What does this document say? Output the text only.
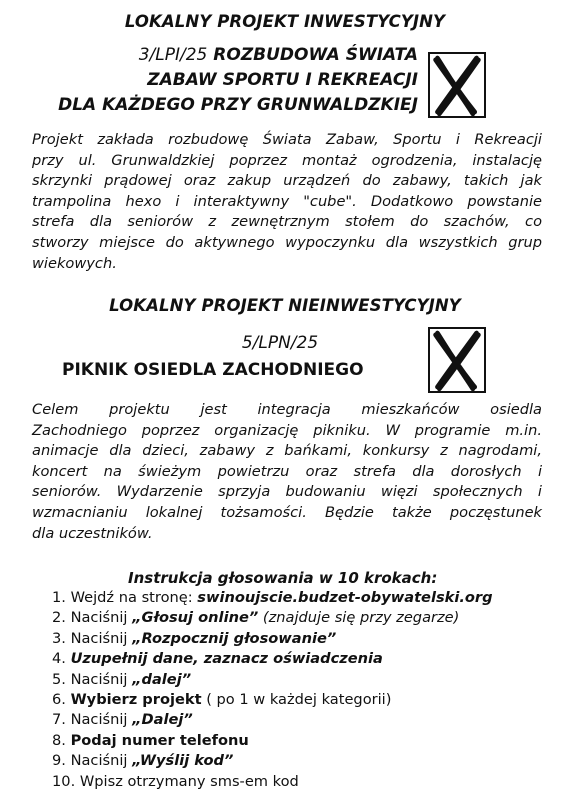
LOKALNY PROJEKT INWESTYCYJNY
3/LPI/25 ROZBUDOWA ŚWIATA
ZABAW SPORTU I REKREACJI
DLA KAŻDEGO PRZY GRUNWALDZKIEJ
Projekt zakłada rozbudowę Świata Zabaw, Sportu i Rekreacji
przy ul. Grunwaldzkiej poprzez montaż ogrodzenia, instalację
skrzynki prądowej oraz zakup urządzeń do zabawy, takich jak
trampolina hexo i interaktywny "cube". Dodatkowo powstanie
strefa dla seniorów z zewnętrznym stołem do szachów, co
stworzy miejsce do aktywnego wypoczynku dla wszystkich grup
wiekowych.
LOKALNY PROJEKT NIEINWESTYCYJNY
5/LPN/25
PIKNIK OSIEDLA ZACHODNIEGO
Celem projektu jest integracja mieszkańców osiedla
Zachodniego poprzez organizację pikniku. W programie m.in.
animacje dla dzieci, zabawy z bańkami, konkursy z nagrodami,
koncert na świeżym powietrzu oraz strefa dla dorosłych i
seniorów. Wydarzenie sprzyja budowaniu więzi społecznych i
wzmacnianiu lokalnej tożsamości. Będzie także poczęstunek
dla uczestników.
Instrukcja głosowania w 10 krokach:
1. Wejdź na stronę: swinoujscie.budzet-obywatelski.org
2. Naciśnij „Głosuj online” (znajduje się przy zegarze)
3. Naciśnij „Rozpocznij głosowanie”
4. Uzupełnij dane, zaznacz oświadczenia
5. Naciśnij „dalej”
6. Wybierz projekt ( po 1 w każdej kategorii)
7. Naciśnij „Dalej”
8. Podaj numer telefonu
9. Naciśnij „Wyślij kod”
10. Wpisz otrzymany sms-em kod
